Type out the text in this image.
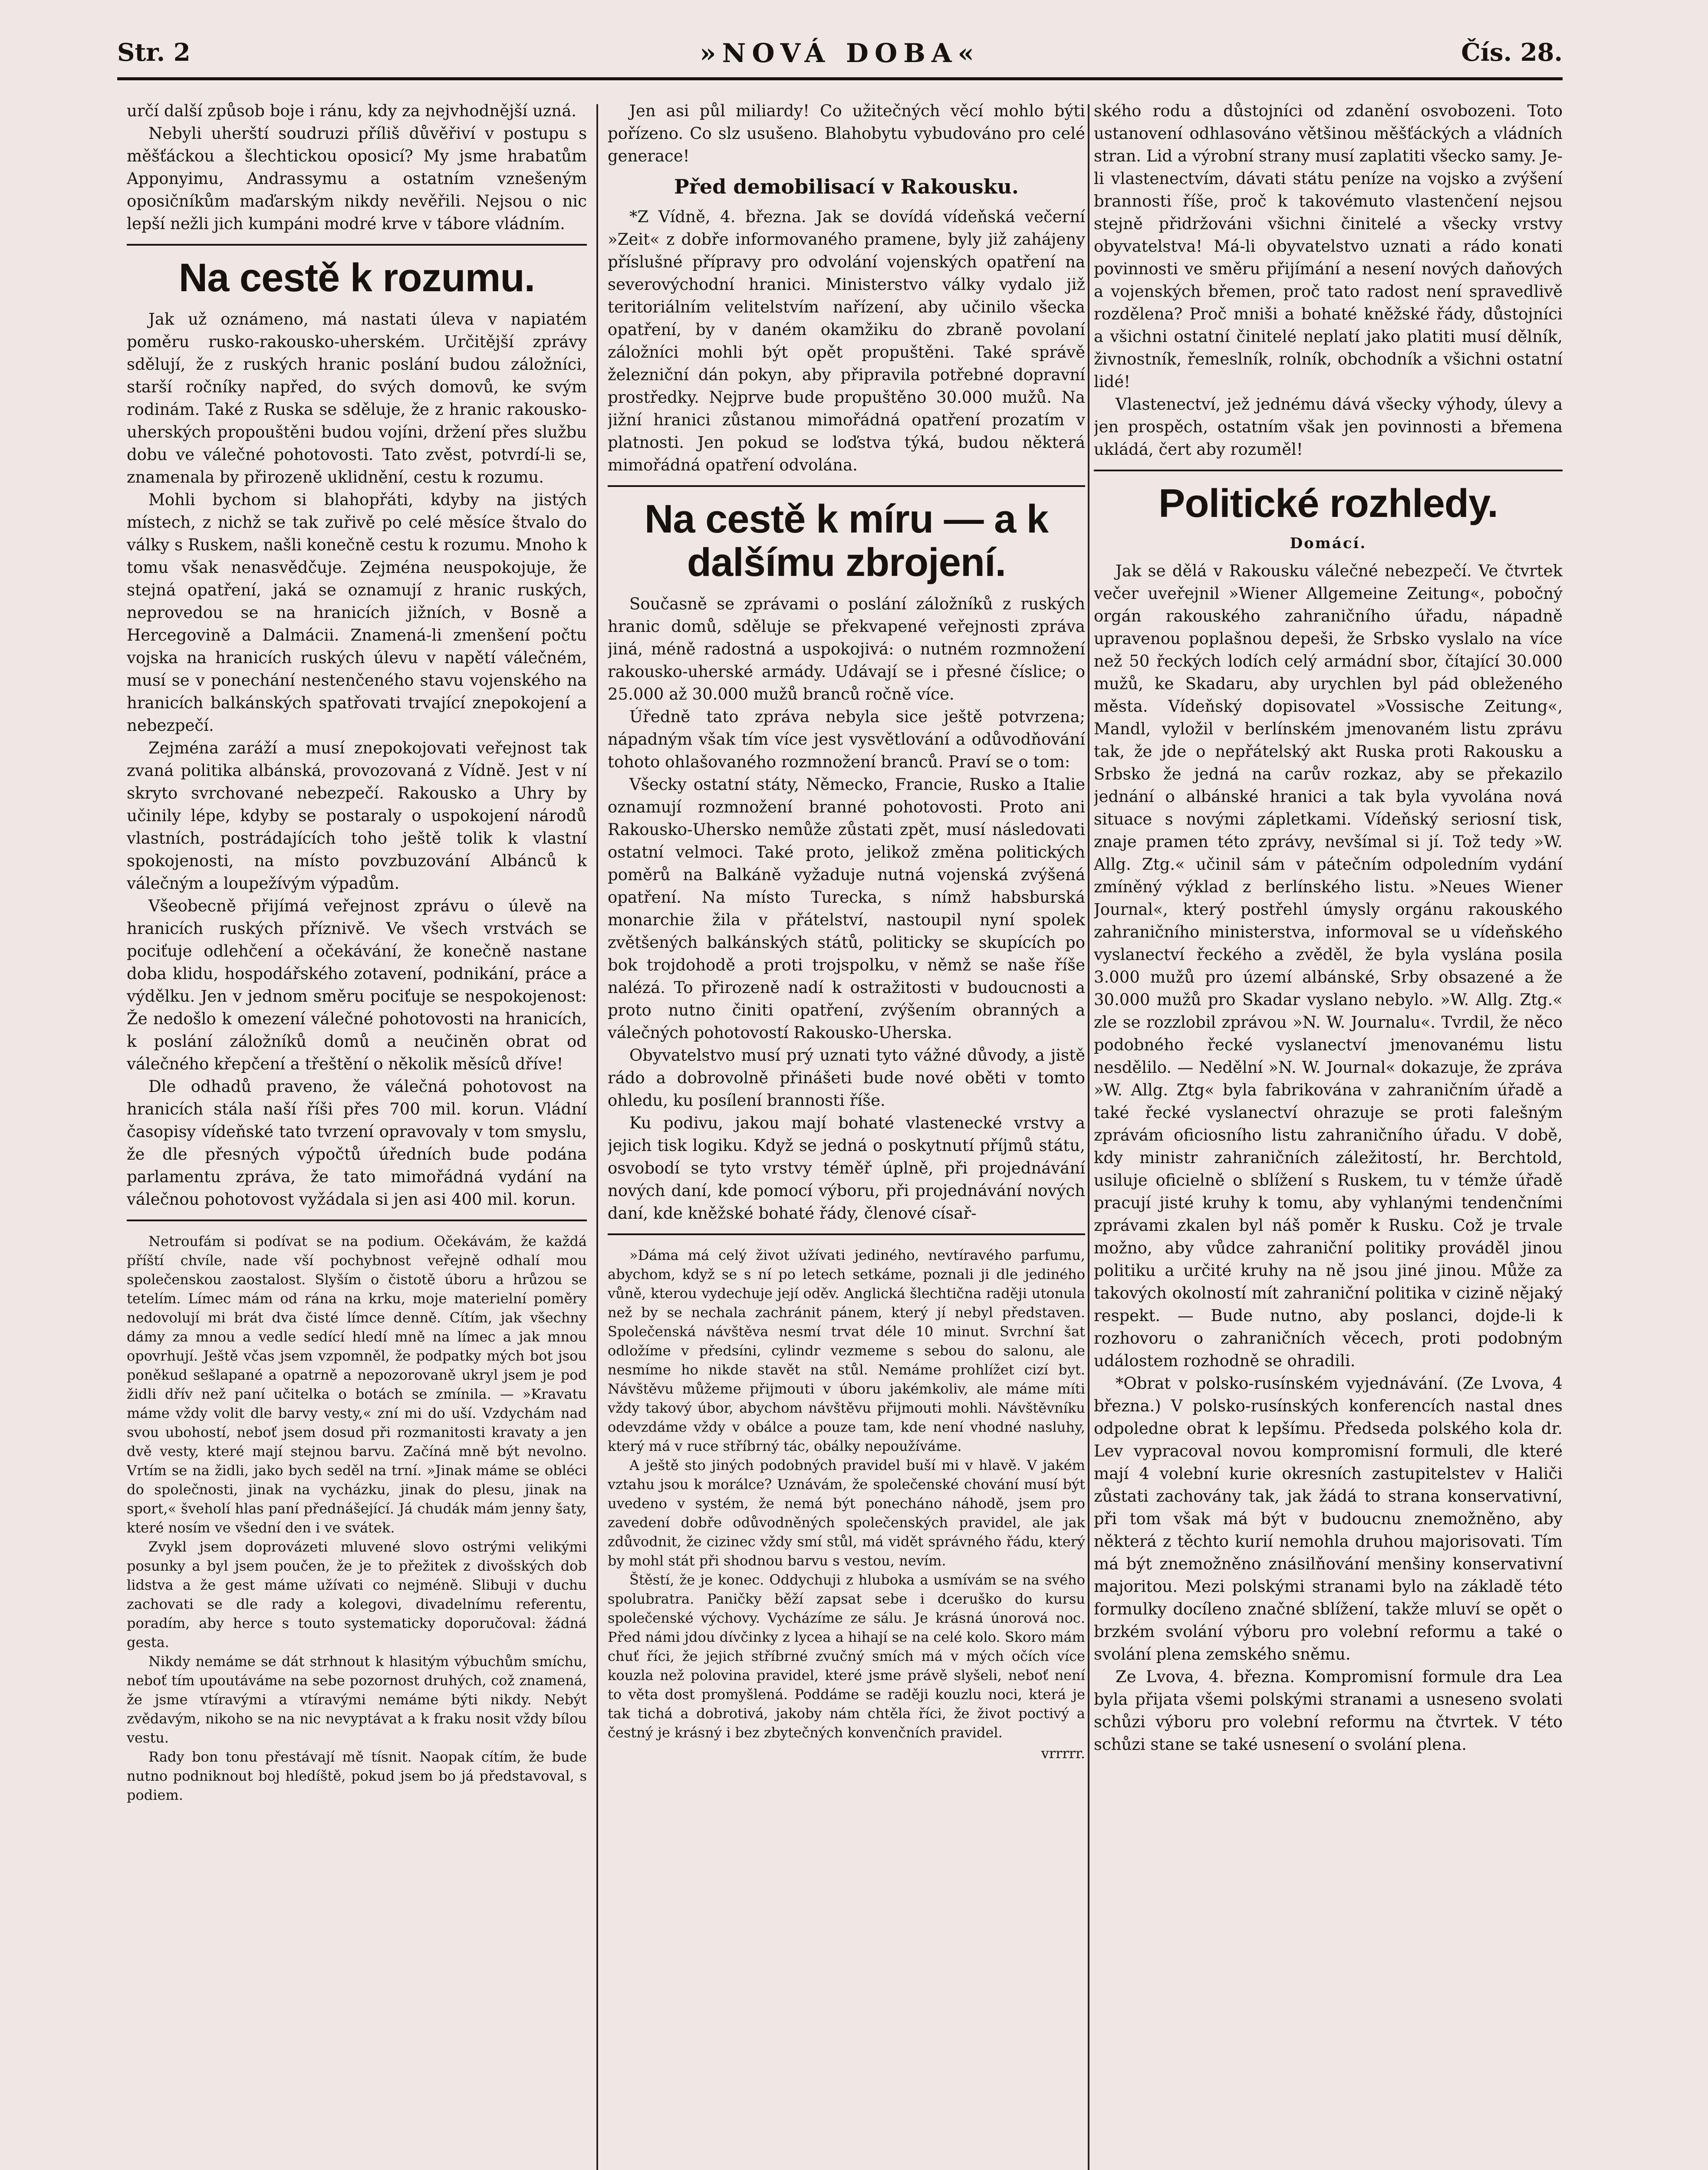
Str. 2	»NOVÁ DOBA«	Čís. 28.

určí další způsob boje i ránu, kdy za nejvhodnější uzná.

Nebyli uherští soudruzi příliš důvěřiví v postupu s měšťáckou a šlechtickou oposicí? My jsme hrabatům Apponyimu, Andrassymu a ostatním vznešeným oposičníkům maďarským nikdy nevěřili. Nejsou o nic lepší nežli jich kumpáni modré krve v tábore vládním.

Na cestě k rozumu.

Jak už oznámeno, má nastati úleva v napiatém poměru rusko-rakousko-uherském. Určitější zprávy sdělují, že z ruských hranic poslání budou záložníci, starší ročníky napřed, do svých domovů, ke svým rodinám. Také z Ruska se sděluje, že z hranic rakousko-uherských propouštěni budou vojíni, držení přes službu dobu ve válečné pohotovosti. Tato zvěst, potvrdí-li se, znamenala by přirozeně uklidnění, cestu k rozumu.

Mohli bychom si blahopřáti, kdyby na jistých místech, z nichž se tak zuřivě po celé měsíce štvalo do války s Ruskem, našli konečně cestu k rozumu. Mnoho k tomu však nenasvědčuje. Zejména neuspokojuje, že stejná opatření, jaká se oznamují z hranic ruských, neprovedou se na hranicích jižních, v Bosně a Hercegovině a Dalmácii. Znamená-li zmenšení počtu vojska na hranicích ruských úlevu v napětí válečném, musí se v ponechání nestenčeného stavu vojenského na hranicích balkánských spatřovati trvající znepokojení a nebezpečí.

Zejména zaráží a musí znepokojovati veřejnost tak zvaná politika albánská, provozovaná z Vídně. Jest v ní skryto svrchované nebezpečí. Rakousko a Uhry by učinily lépe, kdyby se postaraly o uspokojení národů vlastních, postrádajících toho ještě tolik k vlastní spokojenosti, na místo povzbuzování Albánců k válečným a loupežívým výpadům.

Všeobecně přijímá veřejnost zprávu o úlevě na hranicích ruských příznivě. Ve všech vrstvách se pociťuje odlehčení a očekávání, že konečně nastane doba klidu, hospodářského zotavení, podnikání, práce a výdělku. Jen v jednom směru pociťuje se nespokojenost: Že nedošlo k omezení válečné pohotovosti na hranicích, k poslání záložníků domů a neučiněn obrat od válečného křepčení a třeštění o několik měsíců dříve!

Dle odhadů praveno, že válečná pohotovost na hranicích stála naší říši přes 700 mil. korun. Vládní časopisy vídeňské tato tvrzení opravovaly v tom smyslu, že dle přesných výpočtů úředních bude podána parlamentu zpráva, že tato mimořádná vydání na válečnou pohotovost vyžádala si jen asi 400 mil. korun.

Netroufám si podívat se na podium. Očekávám, že každá příští chvíle, nade vší pochybnost veřejně odhalí mou společenskou zaostalost. Slyším o čistotě úboru a hrůzou se tetelím. Límec mám od rána na krku, moje materielní poměry nedovolují mi brát dva čisté límce denně. Cítím, jak všechny dámy za mnou a vedle sedící hledí mně na límec a jak mnou opovrhují. Ještě včas jsem vzpomněl, že podpatky mých bot jsou poněkud sešlapané a opatrně a nepozorovaně ukryl jsem je pod židli dřív než paní učitelka o botách se zmínila. — »Kravatu máme vždy volit dle barvy vesty,« zní mi do uší. Vzdychám nad svou ubohostí, neboť jsem dosud při rozmanitosti kravaty a jen dvě vesty, které mají stejnou barvu. Začíná mně být nevolno. Vrtím se na židli, jako bych seděl na trní. »Jinak máme se obléci do společnosti, jinak na vycházku, jinak do plesu, jinak na sport,« šveholí hlas paní přednášející. Já chudák mám jenny šaty, které nosím ve všední den i ve svátek.

Zvykl jsem doprovázeti mluvené slovo ostrými velikými posunky a byl jsem poučen, že je to přežitek z divošských dob lidstva a že gest máme užívati co nejméně. Slibuji v duchu zachovati se dle rady a kolegovi, divadelnímu referentu, poradím, aby herce s touto systematicky doporučoval: žádná gesta.

Nikdy nemáme se dát strhnout k hlasitým výbuchům smíchu, neboť tím upoutáváme na sebe pozornost druhých, což znamená, že jsme vtíravými a vtíravými nemáme býti nikdy. Nebýt zvědavým, nikoho se na nic nevyptávat a k fraku nosit vždy bílou vestu.

Rady bon tonu přestávají mě tísnit. Naopak cítím, že bude nutno podniknout boj hledíště, pokud jsem bo já představoval, s podiem.

Jen asi půl miliardy! Co užitečných věcí mohlo býti pořízeno. Co slz usušeno. Blahobytu vybudováno pro celé generace!

Před demobilisací v Rakousku.

*Z Vídně, 4. března. Jak se dovídá vídeňská večerní »Zeit« z dobře informovaného pramene, byly již zahájeny příslušné přípravy pro odvolání vojenských opatření na severovýchodní hranici. Ministerstvo války vydalo již teritoriálním velitelstvím nařízení, aby učinilo všecka opatření, by v daném okamžiku do zbraně povolaní záložníci mohli být opět propuštěni. Také správě železniční dán pokyn, aby připravila potřebné dopravní prostředky. Nejprve bude propuštěno 30.000 mužů. Na jižní hranici zůstanou mimořádná opatření prozatím v platnosti. Jen pokud se loďstva týká, budou některá mimořádná opatření odvolána.

Na cestě k míru — a k dalšímu zbrojení.

Současně se zprávami o poslání záložníků z ruských hranic domů, sděluje se překvapené veřejnosti zpráva jiná, méně radostná a uspokojivá: o nutném rozmnožení rakousko-uherské armády. Udávají se i přesné číslice; o 25.000 až 30.000 mužů branců ročně více.

Úředně tato zpráva nebyla sice ještě potvrzena; nápadným však tím více jest vysvětlování a odůvodňování tohoto ohlašovaného rozmnožení branců. Praví se o tom:

Všecky ostatní státy, Německo, Francie, Rusko a Italie oznamují rozmnožení branné pohotovosti. Proto ani Rakousko-Uhersko nemůže zůstati zpět, musí následovati ostatní velmoci. Také proto, jelikož změna politických poměrů na Balkáně vyžaduje nutná vojenská zvýšená opatření. Na místo Turecka, s nímž habsburská monarchie žila v přátelství, nastoupil nyní spolek zvětšených balkánských států, politicky se skupících po bok trojdohodě a proti trojspolku, v němž se naše říše nalézá. To přirozeně nadí k ostražitosti v budoucnosti a proto nutno činiti opatření, zvýšením obranných a válečných pohotovostí Rakousko-Uherska.

Obyvatelstvo musí prý uznati tyto vážné důvody, a jistě rádo a dobrovolně přinášeti bude nové oběti v tomto ohledu, ku posílení brannosti říše.

Ku podivu, jakou mají bohaté vlastenecké vrstvy a jejich tisk logiku. Když se jedná o poskytnutí příjmů státu, osvobodí se tyto vrstvy téměř úplně, při projednávání nových daní, kde pomocí výboru, při projednávání nových daní, kde kněžské bohaté řády, členové císař-

»Dáma má celý život užívati jediného, nevtíravého parfumu, abychom, když se s ní po letech setkáme, poznali ji dle jediného vůně, kterou vydechuje její oděv. Anglická šlechtična raději utonula než by se nechala zachránit pánem, který jí nebyl představen. Společenská návštěva nesmí trvat déle 10 minut. Svrchní šat odložíme v předsíni, cylindr vezmeme s sebou do salonu, ale nesmíme ho nikde stavět na stůl. Nemáme prohlížet cizí byt. Návštěvu můžeme přijmouti v úboru jakémkoliv, ale máme míti vždy takový úbor, abychom návštěvu přijmouti mohli. Návštěvníku odevzdáme vždy v obálce a pouze tam, kde není vhodné nasluhy, který má v ruce stříbrný tác, obálky nepoužíváme.

A ještě sto jiných podobných pravidel buší mi v hlavě. V jakém vztahu jsou k morálce? Uznávám, že společenské chování musí být uvedeno v systém, že nemá být ponecháno náhodě, jsem pro zavedení dobře odůvodněných společenských pravidel, ale jak zdůvodnit, že cizinec vždy smí stůl, má vidět správného řádu, který by mohl stát při shodnou barvu s vestou, nevím.

Štěstí, že je konec. Oddychuji z hluboka a usmívám se na svého spolubratra. Paničky běží zapsat sebe i dceruško do kursu společenské výchovy. Vycházíme ze sálu. Je krásná únorová noc. Před námi jdou dívčinky z lycea a hihají se na celé kolo. Skoro mám chuť říci, že jejich stříbrné zvučný smích má v mých očích více kouzla než polovina pravidel, které jsme právě slyšeli, neboť není to věta dost promyšlená. Poddáme se raději kouzlu noci, která je tak tichá a dobrotivá, jakoby nám chtěla říci, že život poctivý a čestný je krásný i bez zbytečných konvenčních pravidel.

vrrrrr.

ského rodu a důstojníci od zdanění osvobozeni. Toto ustanovení odhlasováno většinou měšťáckých a vládních stran. Lid a výrobní strany musí zaplatiti všecko samy. Je-li vlastenectvím, dávati státu peníze na vojsko a zvýšení brannosti říše, proč k takovémuto vlastenčení nejsou stejně přidržováni všichni činitelé a všecky vrstvy obyvatelstva! Má-li obyvatelstvo uznati a rádo konati povinnosti ve směru přijímání a nesení nových daňových a vojenských břemen, proč tato radost není spravedlivě rozdělena? Proč mniši a bohaté kněžské řády, důstojníci a všichni ostatní činitelé neplatí jako platiti musí dělník, živnostník, řemeslník, rolník, obchodník a všichni ostatní lidé!

Vlastenectví, jež jednému dává všecky výhody, úlevy a jen prospěch, ostatním však jen povinnosti a břemena ukládá, čert aby rozuměl!

Politické rozhledy.
Domácí.

Jak se dělá v Rakousku válečné nebezpečí. Ve čtvrtek večer uveřejnil »Wiener Allgemeine Zeitung«, pobočný orgán rakouského zahraničního úřadu, nápadně upravenou poplašnou depeši, že Srbsko vyslalo na více než 50 řeckých lodích celý armádní sbor, čítající 30.000 mužů, ke Skadaru, aby urychlen byl pád obleženého města. Vídeňský dopisovatel »Vossische Zeitung«, Mandl, vyložil v berlínském jmenovaném listu zprávu tak, že jde o nepřátelský akt Ruska proti Rakousku a Srbsko že jedná na carův rozkaz, aby se překazilo jednání o albánské hranici a tak byla vyvolána nová situace s novými zápletkami. Vídeňský seriosní tisk, znaje pramen této zprávy, nevšímal si jí. Tož tedy »W. Allg. Ztg.« učinil sám v pátečním odpoledním vydání zmíněný výklad z berlínského listu. »Neues Wiener Journal«, který postřehl úmysly orgánu rakouského zahraničního ministerstva, informoval se u vídeňského vyslanectví řeckého a zvěděl, že byla vyslána posila 3.000 mužů pro území albánské, Srby obsazené a že 30.000 mužů pro Skadar vyslano nebylo. »W. Allg. Ztg.« zle se rozzlobil zprávou »N. W. Journalu«. Tvrdil, že něco podobného řecké vyslanectví jmenovanému listu nesdělilo. — Nedělní »N. W. Journal« dokazuje, že zpráva »W. Allg. Ztg« byla fabrikována v zahraničním úřadě a také řecké vyslanectví ohrazuje se proti falešným zprávám oficiosního listu zahraničního úřadu. V době, kdy ministr zahraničních záležitostí, hr. Berchtold, usiluje oficielně o sblížení s Ruskem, tu v témže úřadě pracují jisté kruhy k tomu, aby vyhlanými tendenčními zprávami zkalen byl náš poměr k Rusku. Což je trvale možno, aby vůdce zahraniční politiky prováděl jinou politiku a určité kruhy na ně jsou jiné jinou. Může za takových okolností mít zahraniční politika v cizině nějaký respekt. — Bude nutno, aby poslanci, dojde-li k rozhovoru o zahraničních věcech, proti podobným událostem rozhodně se ohradili.

*Obrat v polsko-rusínském vyjednávání. (Ze Lvova, 4 března.) V polsko-rusínských konferencích nastal dnes odpoledne obrat k lepšímu. Předseda polského kola dr. Lev vypracoval novou kompromisní formuli, dle které mají 4 volební kurie okresních zastupitelstev v Haliči zůstati zachovány tak, jak žádá to strana konservativní, při tom však má být v budoucnu znemožněno, aby některá z těchto kurií nemohla druhou majorisovati. Tím má být znemožněno znásilňování menšiny konservativní majoritou. Mezi polskými stranami bylo na základě této formulky docíleno značné sblížení, takže mluví se opět o brzkém svolání výboru pro volební reformu a také o svolání plena zemského sněmu.

Ze Lvova, 4. března. Kompromisní formule dra Lea byla přijata všemi polskými stranami a usneseno svolati schůzi výboru pro volební reformu na čtvrtek. V této schůzi stane se také usnesení o svolání plena.
